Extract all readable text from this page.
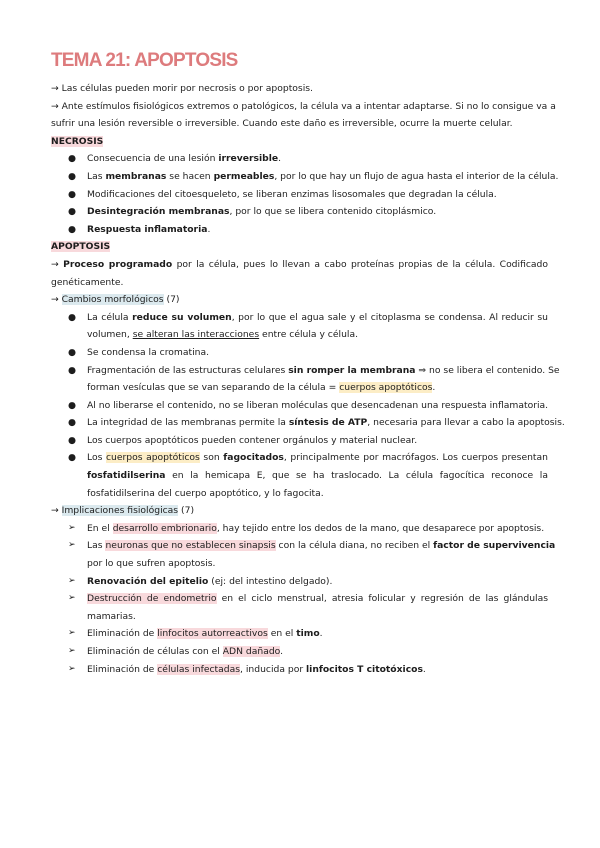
TEMA 21: APOPTOSIS
→ Las células pueden morir por necrosis o por apoptosis.
→ Ante estímulos fisiológicos extremos o patológicos, la célula va a intentar adaptarse. Si no lo consigue va a
sufrir una lesión reversible o irreversible. Cuando este daño es irreversible, ocurre la muerte celular.
NECROSIS
● Consecuencia de una lesión irreversible.
● Las membranas se hacen permeables, por lo que hay un flujo de agua hasta el interior de la célula.
● Modificaciones del citoesqueleto, se liberan enzimas lisosomales que degradan la célula.
● Desintegración membranas, por lo que se libera contenido citoplásmico.
● Respuesta inflamatoria.
APOPTOSIS
→ Proceso programado por la célula, pues lo llevan a cabo proteínas propias de la célula. Codificado
genéticamente.
→ Cambios morfológicos (7)
● La célula reduce su volumen, por lo que el agua sale y el citoplasma se condensa. Al reducir su
volumen, se alteran las interacciones entre célula y célula.
● Se condensa la cromatina.
● Fragmentación de las estructuras celulares sin romper la membrana ⇒ no se libera el contenido. Se
forman vesículas que se van separando de la célula = cuerpos apoptóticos.
● Al no liberarse el contenido, no se liberan moléculas que desencadenan una respuesta inflamatoria.
● La integridad de las membranas permite la síntesis de ATP, necesaria para llevar a cabo la apoptosis.
● Los cuerpos apoptóticos pueden contener orgánulos y material nuclear.
● Los cuerpos apoptóticos son fagocitados, principalmente por macrófagos. Los cuerpos presentan
fosfatidilserina en la hemicapa E, que se ha traslocado. La célula fagocítica reconoce la
fosfatidilserina del cuerpo apoptótico, y lo fagocita.
→ Implicaciones fisiológicas (7)
➢ En el desarrollo embrionario, hay tejido entre los dedos de la mano, que desaparece por apoptosis.
➢ Las neuronas que no establecen sinapsis con la célula diana, no reciben el factor de supervivencia
por lo que sufren apoptosis.
➢ Renovación del epitelio (ej: del intestino delgado).
➢ Destrucción de endometrio en el ciclo menstrual, atresia folicular y regresión de las glándulas
mamarias.
➢ Eliminación de linfocitos autorreactivos en el timo.
➢ Eliminación de células con el ADN dañado.
➢ Eliminación de células infectadas, inducida por linfocitos T citotóxicos.
